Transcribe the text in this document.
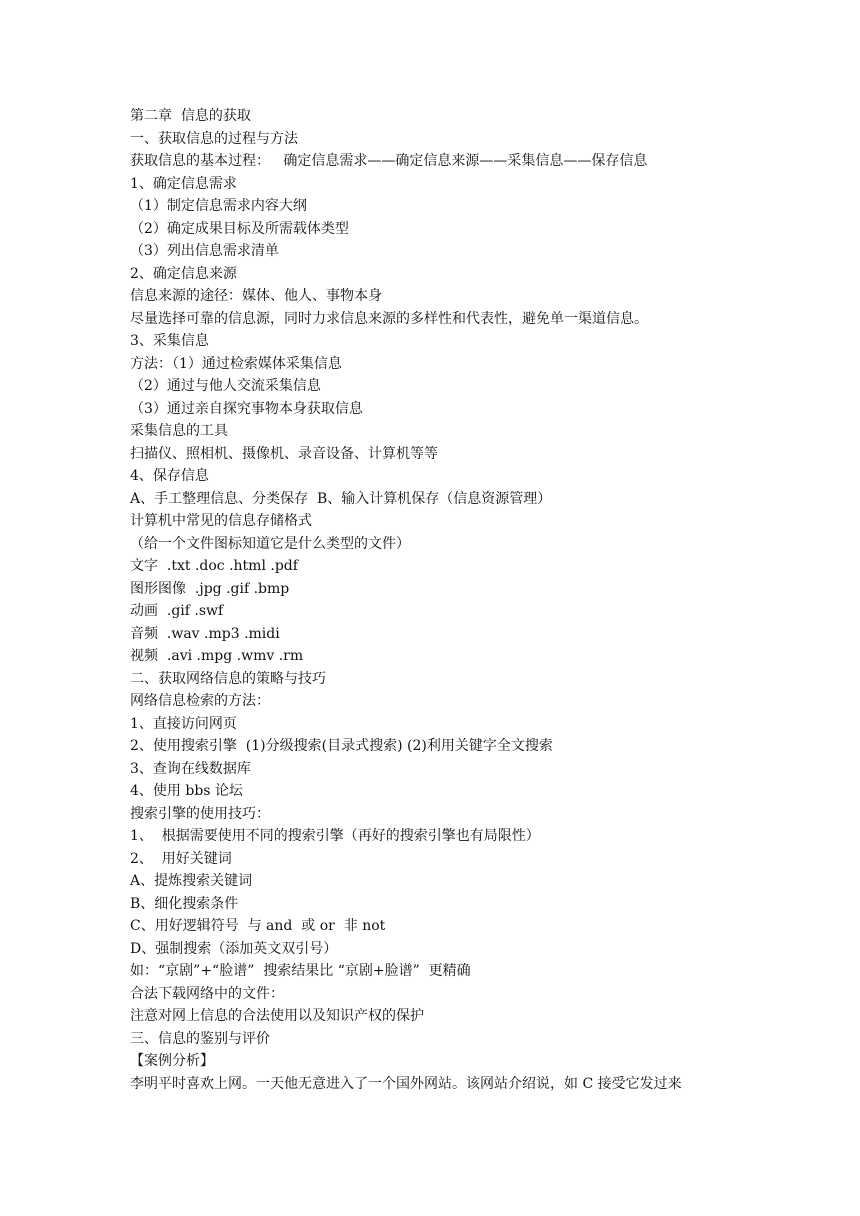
第二章  信息的获取
一、获取信息的过程与方法
获取信息的基本过程：   确定信息需求——确定信息来源——采集信息——保存信息
1、确定信息需求
（1）制定信息需求内容大纲
（2）确定成果目标及所需载体类型
（3）列出信息需求清单
2、确定信息来源
信息来源的途径：媒体、他人、事物本身
尽量选择可靠的信息源，同时力求信息来源的多样性和代表性，避免单一渠道信息。
3、采集信息
方法：（1）通过检索媒体采集信息
（2）通过与他人交流采集信息
（3）通过亲自探究事物本身获取信息
采集信息的工具
扫描仪、照相机、摄像机、录音设备、计算机等等
4、保存信息
A、手工整理信息、分类保存  B、输入计算机保存（信息资源管理）
计算机中常见的信息存储格式
（给一个文件图标知道它是什么类型的文件）
文字  .txt .doc .html .pdf
图形图像  .jpg .gif .bmp
动画  .gif .swf
音频  .wav .mp3 .midi
视频  .avi .mpg .wmv .rm
二、获取网络信息的策略与技巧
网络信息检索的方法：
1、直接访问网页
2、使用搜索引擎  (1)分级搜索(目录式搜索) (2)利用关键字全文搜索
3、查询在线数据库
4、使用 bbs 论坛
搜索引擎的使用技巧：
1、  根据需要使用不同的搜索引擎（再好的搜索引擎也有局限性）
2、  用好关键词
A、提炼搜索关键词
B、细化搜索条件
C、用好逻辑符号  与 and  或 or  非 not
D、强制搜索（添加英文双引号）
如：“京剧”+“脸谱”  搜索结果比 “京剧+脸谱”  更精确
合法下载网络中的文件：
注意对网上信息的合法使用以及知识产权的保护
三、信息的鉴别与评价
【案例分析】
李明平时喜欢上网。一天他无意进入了一个国外网站。该网站介绍说，如 C 接受它发过来
